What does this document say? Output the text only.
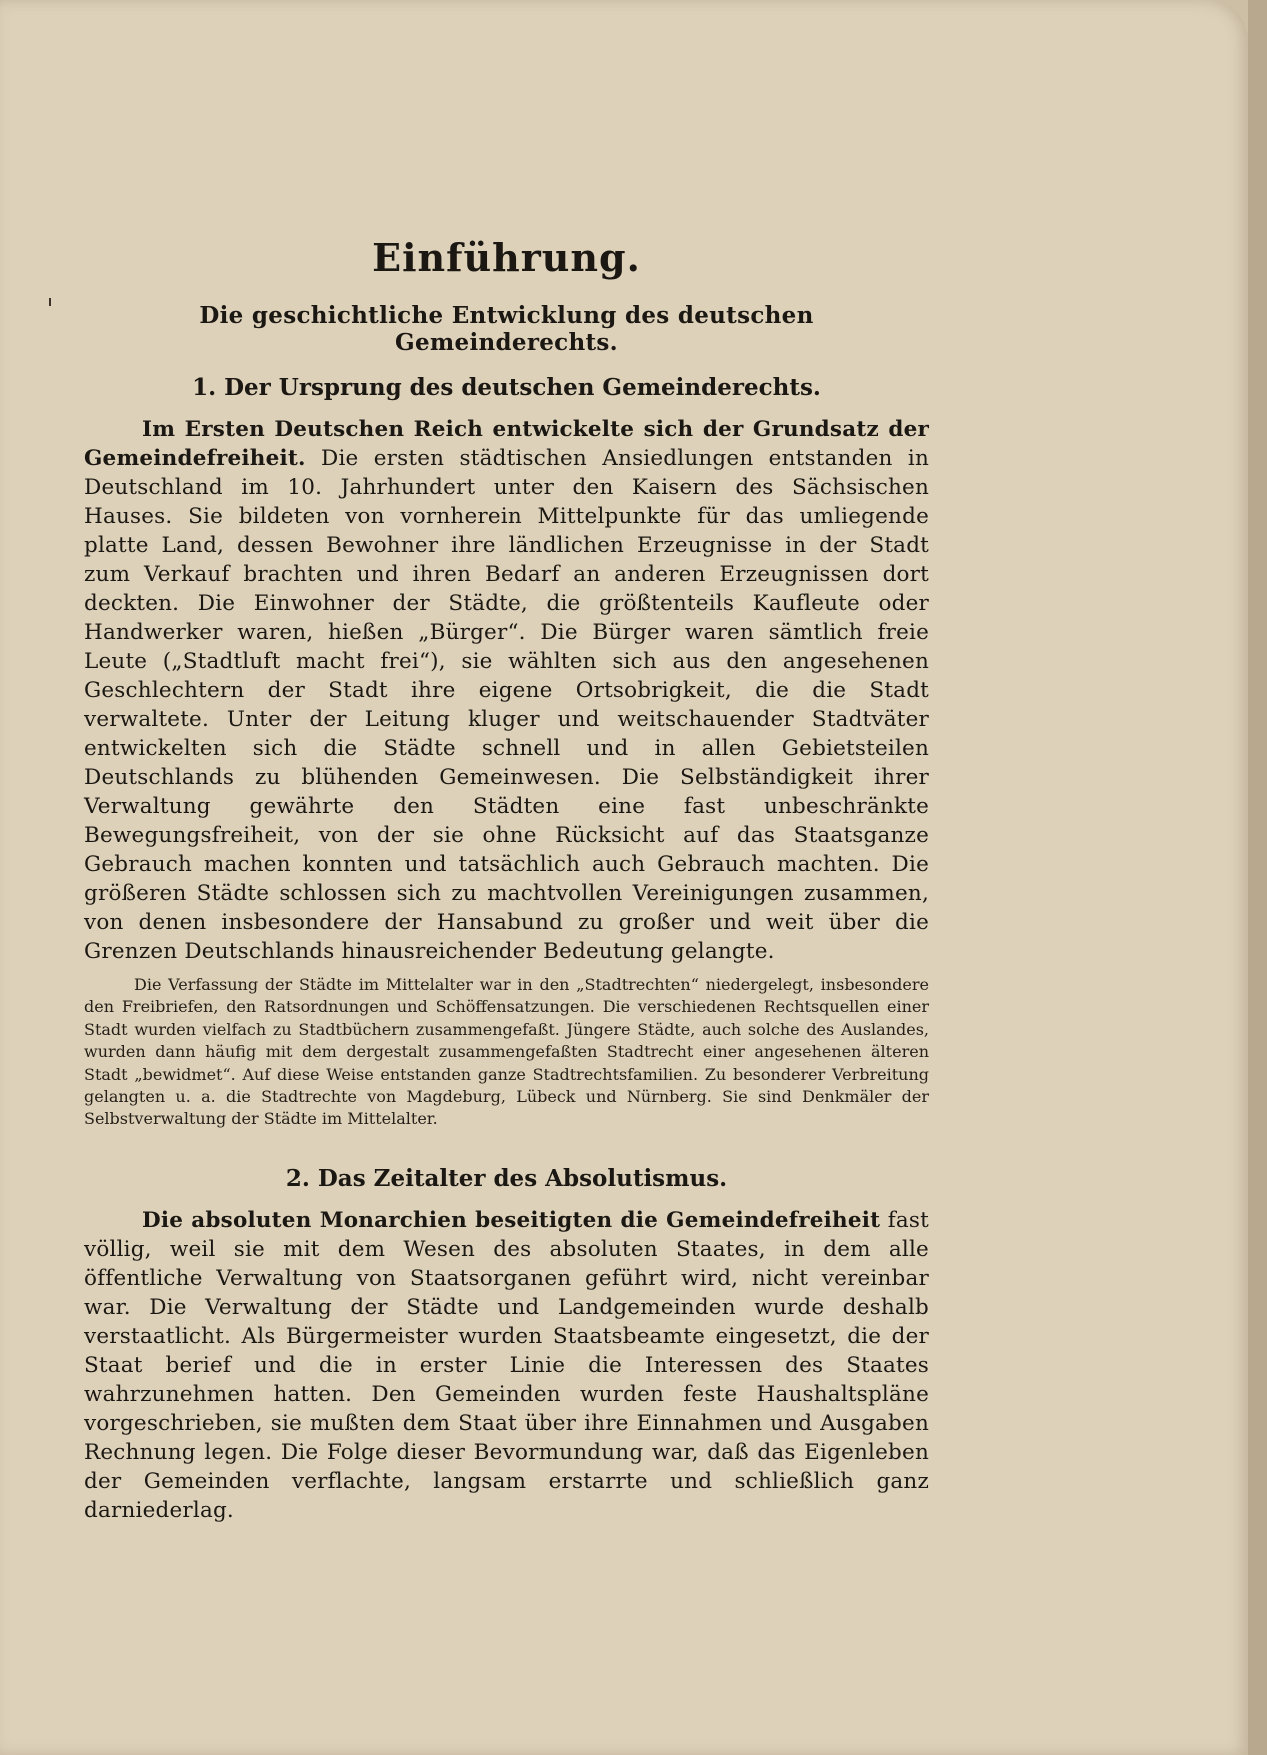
Einführung.
Die geschichtliche Entwicklung des deutschen Gemeinderechts.
1. Der Ursprung des deutschen Gemeinderechts.

Im Ersten Deutschen Reich entwickelte sich der Grundsatz der Gemeindefreiheit. Die ersten städtischen Ansiedlungen entstanden in Deutschland im 10. Jahrhundert unter den Kaisern des Sächsischen Hauses. Sie bildeten von vornherein Mittelpunkte für das umliegende platte Land, dessen Bewohner ihre ländlichen Erzeugnisse in der Stadt zum Verkauf brachten und ihren Bedarf an anderen Erzeugnissen dort deckten. Die Einwohner der Städte, die größtenteils Kaufleute oder Handwerker waren, hießen „Bürger“. Die Bürger waren sämtlich freie Leute („Stadtluft macht frei“), sie wählten sich aus den angesehenen Geschlechtern der Stadt ihre eigene Ortsobrigkeit, die die Stadt verwaltete. Unter der Leitung kluger und weitschauender Stadtväter entwickelten sich die Städte schnell und in allen Gebietsteilen Deutschlands zu blühenden Gemeinwesen. Die Selbständigkeit ihrer Verwaltung gewährte den Städten eine fast unbeschränkte Bewegungsfreiheit, von der sie ohne Rücksicht auf das Staatsganze Gebrauch machen konnten und tatsächlich auch Gebrauch machten. Die größeren Städte schlossen sich zu machtvollen Vereinigungen zusammen, von denen insbesondere der Hansabund zu großer und weit über die Grenzen Deutschlands hinausreichender Bedeutung gelangte.

Die Verfassung der Städte im Mittelalter war in den „Stadtrechten“ niedergelegt, insbesondere den Freibriefen, den Ratsordnungen und Schöffensatzungen. Die verschiedenen Rechtsquellen einer Stadt wurden vielfach zu Stadtbüchern zusammengefaßt. Jüngere Städte, auch solche des Auslandes, wurden dann häufig mit dem dergestalt zusammengefaßten Stadtrecht einer angesehenen älteren Stadt „bewidmet“. Auf diese Weise entstanden ganze Stadtrechtsfamilien. Zu besonderer Verbreitung gelangten u. a. die Stadtrechte von Magdeburg, Lübeck und Nürnberg. Sie sind Denkmäler der Selbstverwaltung der Städte im Mittelalter.

2. Das Zeitalter des Absolutismus.

Die absoluten Monarchien beseitigten die Gemeindefreiheit fast völlig, weil sie mit dem Wesen des absoluten Staates, in dem alle öffentliche Verwaltung von Staatsorganen geführt wird, nicht vereinbar war. Die Verwaltung der Städte und Landgemeinden wurde deshalb verstaatlicht. Als Bürgermeister wurden Staatsbeamte eingesetzt, die der Staat berief und die in erster Linie die Interessen des Staates wahrzunehmen hatten. Den Gemeinden wurden feste Haushaltspläne vorgeschrieben, sie mußten dem Staat über ihre Einnahmen und Ausgaben Rechnung legen. Die Folge dieser Bevormundung war, daß das Eigenleben der Gemeinden verflachte, langsam erstarrte und schließlich ganz darniederlag.
